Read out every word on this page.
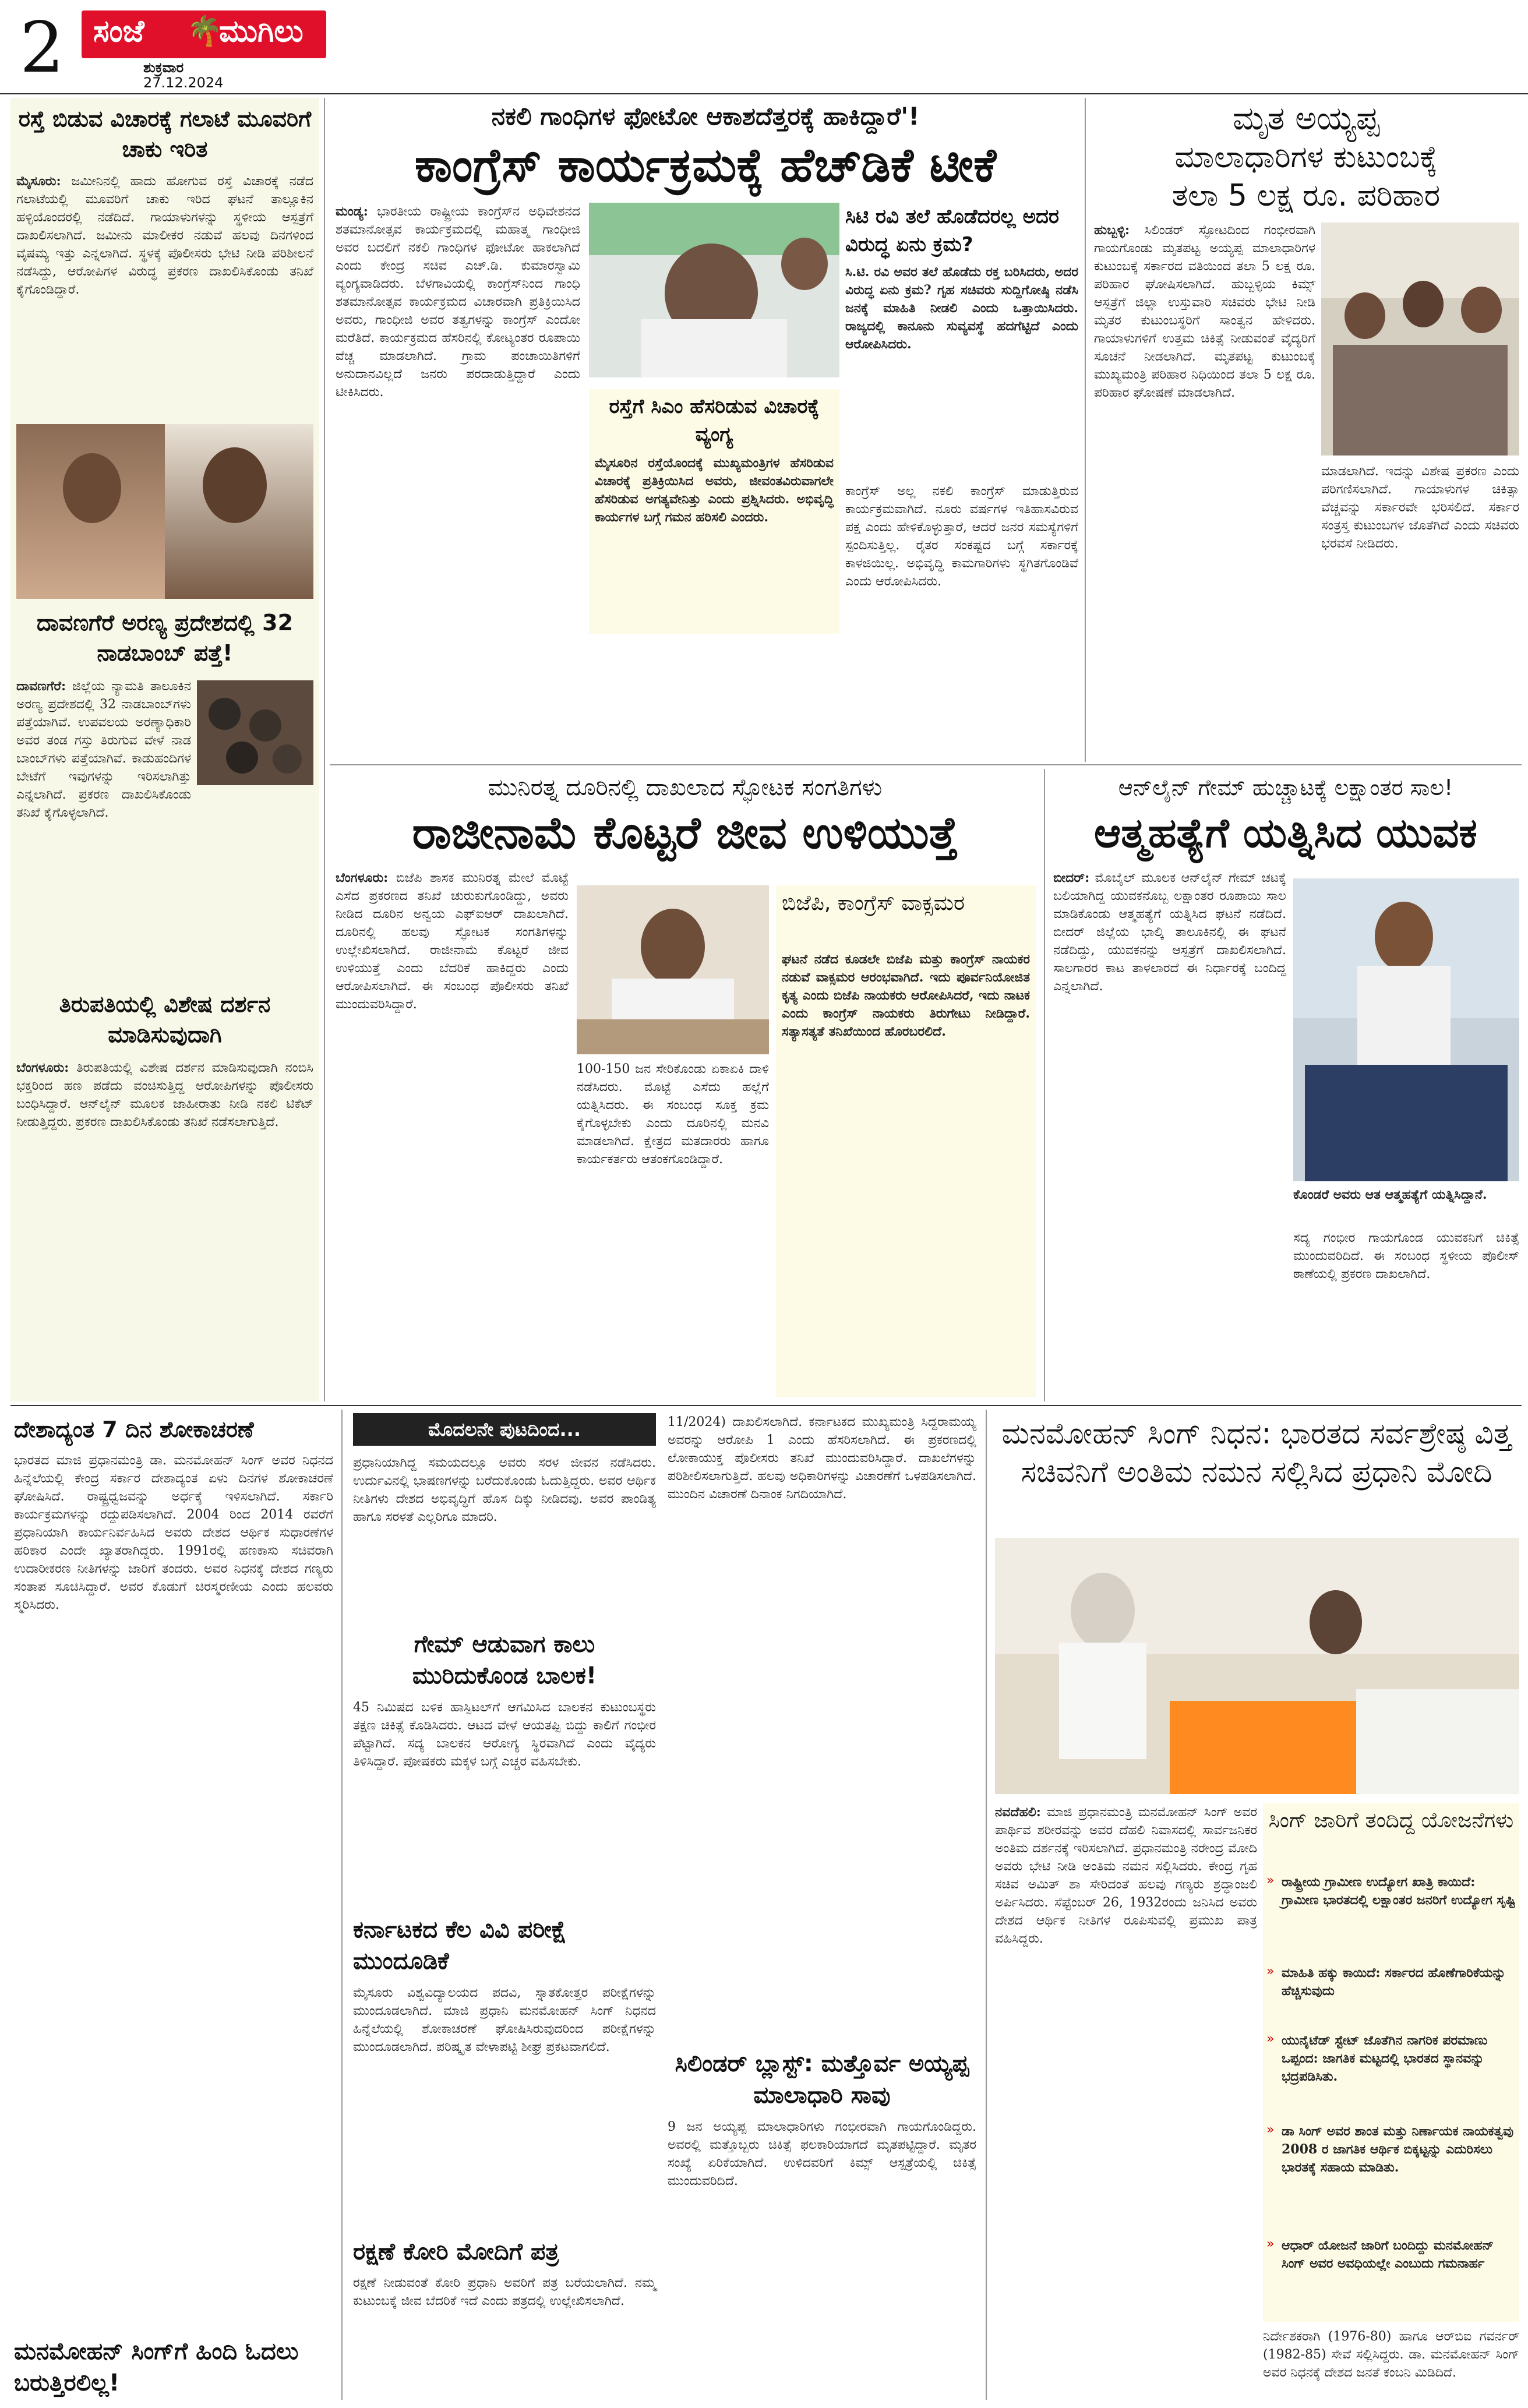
2 ಸಂಜೆ	🌴
ಮುಗಿಲು
ಶುಕ್ರವಾರ
27.12.2024
ರಸ್ತೆ ಬಿಡುವ ವಿಚಾರಕ್ಕೆ ಗಲಾಟೆ ಮೂವರಿಗೆ ಚಾಕು ಇರಿತ
ಮೈಸೂರು: ಜಮೀನಿನಲ್ಲಿ ಹಾದು ಹೋಗುವ ರಸ್ತೆ ವಿಚಾರಕ್ಕೆ ನಡೆದ ಗಲಾಟೆಯಲ್ಲಿ ಮೂವರಿಗೆ ಚಾಕು ಇರಿದ ಘಟನೆ ತಾಲ್ಲೂಕಿನ ಹಳ್ಳಿಯೊಂದರಲ್ಲಿ ನಡೆದಿದೆ. ಗಾಯಾಳುಗಳನ್ನು ಸ್ಥಳೀಯ ಆಸ್ಪತ್ರೆಗೆ ದಾಖಲಿಸಲಾಗಿದೆ. ಜಮೀನು ಮಾಲೀಕರ ನಡುವೆ ಹಲವು ದಿನಗಳಿಂದ ವೈಷಮ್ಯ ಇತ್ತು ಎನ್ನಲಾಗಿದೆ. ಸ್ಥಳಕ್ಕೆ ಪೊಲೀಸರು ಭೇಟಿ ನೀಡಿ ಪರಿಶೀಲನೆ ನಡೆಸಿದ್ದು, ಆರೋಪಿಗಳ ವಿರುದ್ಧ ಪ್ರಕರಣ ದಾಖಲಿಸಿಕೊಂಡು ತನಿಖೆ ಕೈಗೊಂಡಿದ್ದಾರೆ.
ದಾವಣಗೆರೆ ಅರಣ್ಯ ಪ್ರದೇಶದಲ್ಲಿ 32 ನಾಡಬಾಂಬ್ ಪತ್ತೆ!
ದಾವಣಗೆರೆ: ಜಿಲ್ಲೆಯ ನ್ಯಾಮತಿ ತಾಲೂಕಿನ ಅರಣ್ಯ ಪ್ರದೇಶದಲ್ಲಿ 32 ನಾಡಬಾಂಬ್‌ಗಳು ಪತ್ತೆಯಾಗಿವೆ. ಉಪವಲಯ ಅರಣ್ಯಾಧಿಕಾರಿ ಅವರ ತಂಡ ಗಸ್ತು ತಿರುಗುವ ವೇಳೆ ನಾಡ ಬಾಂಬ್‌ಗಳು ಪತ್ತೆಯಾಗಿವೆ. ಕಾಡುಹಂದಿಗಳ ಬೇಟೆಗೆ ಇವುಗಳನ್ನು ಇರಿಸಲಾಗಿತ್ತು ಎನ್ನಲಾಗಿದೆ. ಪ್ರಕರಣ ದಾಖಲಿಸಿಕೊಂಡು ತನಿಖೆ ಕೈಗೊಳ್ಳಲಾಗಿದೆ.
ತಿರುಪತಿಯಲ್ಲಿ ವಿಶೇಷ ದರ್ಶನ ಮಾಡಿಸುವುದಾಗಿ
ಬೆಂಗಳೂರು: ತಿರುಪತಿಯಲ್ಲಿ ವಿಶೇಷ ದರ್ಶನ ಮಾಡಿಸುವುದಾಗಿ ನಂಬಿಸಿ ಭಕ್ತರಿಂದ ಹಣ ಪಡೆದು ವಂಚಿಸುತ್ತಿದ್ದ ಆರೋಪಿಗಳನ್ನು ಪೊಲೀಸರು ಬಂಧಿಸಿದ್ದಾರೆ. ಆನ್‌ಲೈನ್ ಮೂಲಕ ಜಾಹೀರಾತು ನೀಡಿ ನಕಲಿ ಟಿಕೆಟ್‌ ನೀಡುತ್ತಿದ್ದರು. ಪ್ರಕರಣ ದಾಖಲಿಸಿಕೊಂಡು ತನಿಖೆ ನಡೆಸಲಾಗುತ್ತಿದೆ.
ನಕಲಿ ಗಾಂಧಿಗಳ ಫೋಟೋ ಆಕಾಶದೆತ್ತರಕ್ಕೆ ಹಾಕಿದ್ದಾರೆ'!
ಕಾಂಗ್ರೆಸ್ ಕಾರ್ಯಕ್ರಮಕ್ಕೆ ಹೆಚ್‌ಡಿಕೆ ಟೀಕೆ
ಮಂಡ್ಯ: ಭಾರತೀಯ ರಾಷ್ಟ್ರೀಯ ಕಾಂಗ್ರೆಸ್‌ನ ಅಧಿವೇಶನದ ಶತಮಾನೋತ್ಸವ ಕಾರ್ಯಕ್ರಮದಲ್ಲಿ ಮಹಾತ್ಮ ಗಾಂಧೀಜಿ ಅವರ ಬದಲಿಗೆ ನಕಲಿ ಗಾಂಧಿಗಳ ಫೋಟೋ ಹಾಕಲಾಗಿದೆ ಎಂದು ಕೇಂದ್ರ ಸಚಿವ ಎಚ್.ಡಿ. ಕುಮಾರಸ್ವಾಮಿ ವ್ಯಂಗ್ಯವಾಡಿದರು. ಬೆಳಗಾವಿಯಲ್ಲಿ ಕಾಂಗ್ರೆಸ್‌ನಿಂದ ಗಾಂಧಿ ಶತಮಾನೋತ್ಸವ ಕಾರ್ಯಕ್ರಮದ ವಿಚಾರವಾಗಿ ಪ್ರತಿಕ್ರಿಯಿಸಿದ ಅವರು, ಗಾಂಧೀಜಿ ಅವರ ತತ್ವಗಳನ್ನು ಕಾಂಗ್ರೆಸ್ ಎಂದೋ ಮರೆತಿದೆ. ಕಾರ್ಯಕ್ರಮದ ಹೆಸರಿನಲ್ಲಿ ಕೋಟ್ಯಂತರ ರೂಪಾಯಿ ವೆಚ್ಚ ಮಾಡಲಾಗಿದೆ. ಗ್ರಾಮ ಪಂಚಾಯಿತಿಗಳಿಗೆ ಅನುದಾನವಿಲ್ಲದೆ ಜನರು ಪರದಾಡುತ್ತಿದ್ದಾರೆ ಎಂದು ಟೀಕಿಸಿದರು.
ಸಿಟಿ ರವಿ ತಲೆ ಹೊಡೆದರಲ್ಲ ಅದರ ವಿರುದ್ಧ ಏನು ಕ್ರಮ?
ಸಿ.ಟಿ. ರವಿ ಅವರ ತಲೆ ಹೊಡೆದು ರಕ್ತ ಬರಿಸಿದರು, ಅದರ ವಿರುದ್ಧ ಏನು ಕ್ರಮ? ಗೃಹ ಸಚಿವರು ಸುದ್ದಿಗೋಷ್ಠಿ ನಡೆಸಿ ಜನಕ್ಕೆ ಮಾಹಿತಿ ನೀಡಲಿ ಎಂದು ಒತ್ತಾಯಿಸಿದರು. ರಾಜ್ಯದಲ್ಲಿ ಕಾನೂನು ಸುವ್ಯವಸ್ಥೆ ಹದಗೆಟ್ಟಿದೆ ಎಂದು ಆರೋಪಿಸಿದರು.
ರಸ್ತೆಗೆ ಸಿಎಂ ಹೆಸರಿಡುವ ವಿಚಾರಕ್ಕೆ ವ್ಯಂಗ್ಯ
ಮೈಸೂರಿನ ರಸ್ತೆಯೊಂದಕ್ಕೆ ಮುಖ್ಯಮಂತ್ರಿಗಳ ಹೆಸರಿಡುವ ವಿಚಾರಕ್ಕೆ ಪ್ರತಿಕ್ರಿಯಿಸಿದ ಅವರು, ಜೀವಂತವಿರುವಾಗಲೇ ಹೆಸರಿಡುವ ಅಗತ್ಯವೇನಿತ್ತು ಎಂದು ಪ್ರಶ್ನಿಸಿದರು. ಅಭಿವೃದ್ಧಿ ಕಾರ್ಯಗಳ ಬಗ್ಗೆ ಗಮನ ಹರಿಸಲಿ ಎಂದರು.
ಕಾಂಗ್ರೆಸ್ ಅಲ್ಲ ನಕಲಿ ಕಾಂಗ್ರೆಸ್ ಮಾಡುತ್ತಿರುವ ಕಾರ್ಯಕ್ರಮವಾಗಿದೆ. ನೂರು ವರ್ಷಗಳ ಇತಿಹಾಸವಿರುವ ಪಕ್ಷ ಎಂದು ಹೇಳಿಕೊಳ್ಳುತ್ತಾರೆ, ಆದರೆ ಜನರ ಸಮಸ್ಯೆಗಳಿಗೆ ಸ್ಪಂದಿಸುತ್ತಿಲ್ಲ. ರೈತರ ಸಂಕಷ್ಟದ ಬಗ್ಗೆ ಸರ್ಕಾರಕ್ಕೆ ಕಾಳಜಿಯಿಲ್ಲ. ಅಭಿವೃದ್ಧಿ ಕಾಮಗಾರಿಗಳು ಸ್ಥಗಿತಗೊಂಡಿವೆ ಎಂದು ಆರೋಪಿಸಿದರು.
ಮೃತ ಅಯ್ಯಪ್ಪ
ಮಾಲಾಧಾರಿಗಳ ಕುಟುಂಬಕ್ಕೆ
ತಲಾ 5 ಲಕ್ಷ ರೂ. ಪರಿಹಾರ
ಹುಬ್ಬಳ್ಳಿ: ಸಿಲಿಂಡರ್ ಸ್ಫೋಟದಿಂದ ಗಂಭೀರವಾಗಿ ಗಾಯಗೊಂಡು ಮೃತಪಟ್ಟ ಅಯ್ಯಪ್ಪ ಮಾಲಾಧಾರಿಗಳ ಕುಟುಂಬಕ್ಕೆ ಸರ್ಕಾರದ ವತಿಯಿಂದ ತಲಾ 5 ಲಕ್ಷ ರೂ. ಪರಿಹಾರ ಘೋಷಿಸಲಾಗಿದೆ. ಹುಬ್ಬಳ್ಳಿಯ ಕಿಮ್ಸ್ ಆಸ್ಪತ್ರೆಗೆ ಜಿಲ್ಲಾ ಉಸ್ತುವಾರಿ ಸಚಿವರು ಭೇಟಿ ನೀಡಿ ಮೃತರ ಕುಟುಂಬಸ್ಥರಿಗೆ ಸಾಂತ್ವನ ಹೇಳಿದರು. ಗಾಯಾಳುಗಳಿಗೆ ಉತ್ತಮ ಚಿಕಿತ್ಸೆ ನೀಡುವಂತೆ ವೈದ್ಯರಿಗೆ ಸೂಚನೆ ನೀಡಲಾಗಿದೆ. ಮೃತಪಟ್ಟ ಕುಟುಂಬಕ್ಕೆ ಮುಖ್ಯಮಂತ್ರಿ ಪರಿಹಾರ ನಿಧಿಯಿಂದ ತಲಾ 5 ಲಕ್ಷ ರೂ. ಪರಿಹಾರ ಘೋಷಣೆ ಮಾಡಲಾಗಿದೆ.
ಮಾಡಲಾಗಿದೆ. ಇದನ್ನು ವಿಶೇಷ ಪ್ರಕರಣ ಎಂದು ಪರಿಗಣಿಸಲಾಗಿದೆ. ಗಾಯಾಳುಗಳ ಚಿಕಿತ್ಸಾ ವೆಚ್ಚವನ್ನು ಸರ್ಕಾರವೇ ಭರಿಸಲಿದೆ. ಸರ್ಕಾರ ಸಂತ್ರಸ್ತ ಕುಟುಂಬಗಳ ಜೊತೆಗಿದೆ ಎಂದು ಸಚಿವರು ಭರವಸೆ ನೀಡಿದರು.
ಮುನಿರತ್ನ ದೂರಿನಲ್ಲಿ ದಾಖಲಾದ ಸ್ಫೋಟಕ ಸಂಗತಿಗಳು
ರಾಜೀನಾಮೆ ಕೊಟ್ಟರೆ ಜೀವ ಉಳಿಯುತ್ತೆ
ಬೆಂಗಳೂರು: ಬಿಜೆಪಿ ಶಾಸಕ ಮುನಿರತ್ನ ಮೇಲೆ ಮೊಟ್ಟೆ ಎಸೆದ ಪ್ರಕರಣದ ತನಿಖೆ ಚುರುಕುಗೊಂಡಿದ್ದು, ಅವರು ನೀಡಿದ ದೂರಿನ ಅನ್ವಯ ಎಫ್‌ಐಆರ್ ದಾಖಲಾಗಿದೆ. ದೂರಿನಲ್ಲಿ ಹಲವು ಸ್ಫೋಟಕ ಸಂಗತಿಗಳನ್ನು ಉಲ್ಲೇಖಿಸಲಾಗಿದೆ. ರಾಜೀನಾಮೆ ಕೊಟ್ಟರೆ ಜೀವ ಉಳಿಯುತ್ತೆ ಎಂದು ಬೆದರಿಕೆ ಹಾಕಿದ್ದರು ಎಂದು ಆರೋಪಿಸಲಾಗಿದೆ. ಈ ಸಂಬಂಧ ಪೊಲೀಸರು ತನಿಖೆ ಮುಂದುವರಿಸಿದ್ದಾರೆ.
100-150 ಜನ ಸೇರಿಕೊಂಡು ಏಕಾಏಕಿ ದಾಳಿ ನಡೆಸಿದರು. ಮೊಟ್ಟೆ ಎಸೆದು ಹಲ್ಲೆಗೆ ಯತ್ನಿಸಿದರು. ಈ ಸಂಬಂಧ ಸೂಕ್ತ ಕ್ರಮ ಕೈಗೊಳ್ಳಬೇಕು ಎಂದು ದೂರಿನಲ್ಲಿ ಮನವಿ ಮಾಡಲಾಗಿದೆ. ಕ್ಷೇತ್ರದ ಮತದಾರರು ಹಾಗೂ ಕಾರ್ಯಕರ್ತರು ಆತಂಕಗೊಂಡಿದ್ದಾರೆ.
ಬಿಜೆಪಿ, ಕಾಂಗ್ರೆಸ್ ವಾಕ್ಸಮರ
ಘಟನೆ ನಡೆದ ಕೂಡಲೇ ಬಿಜೆಪಿ ಮತ್ತು ಕಾಂಗ್ರೆಸ್ ನಾಯಕರ ನಡುವೆ ವಾಕ್ಸಮರ ಆರಂಭವಾಗಿದೆ. ಇದು ಪೂರ್ವನಿಯೋಜಿತ ಕೃತ್ಯ ಎಂದು ಬಿಜೆಪಿ ನಾಯಕರು ಆರೋಪಿಸಿದರೆ, ಇದು ನಾಟಕ ಎಂದು ಕಾಂಗ್ರೆಸ್ ನಾಯಕರು ತಿರುಗೇಟು ನೀಡಿದ್ದಾರೆ. ಸತ್ಯಾಸತ್ಯತೆ ತನಿಖೆಯಿಂದ ಹೊರಬರಲಿದೆ.
ಆನ್‌ಲೈನ್ ಗೇಮ್ ಹುಚ್ಚಾಟಕ್ಕೆ ಲಕ್ಷಾಂತರ ಸಾಲ!
ಆತ್ಮಹತ್ಯೆಗೆ ಯತ್ನಿಸಿದ ಯುವಕ
ಬೀದರ್: ಮೊಬೈಲ್ ಮೂಲಕ ಆನ್‌ಲೈನ್ ಗೇಮ್ ಚಟಕ್ಕೆ ಬಲಿಯಾಗಿದ್ದ ಯುವಕನೊಬ್ಬ ಲಕ್ಷಾಂತರ ರೂಪಾಯಿ ಸಾಲ ಮಾಡಿಕೊಂಡು ಆತ್ಮಹತ್ಯೆಗೆ ಯತ್ನಿಸಿದ ಘಟನೆ ನಡೆದಿದೆ. ಬೀದರ್ ಜಿಲ್ಲೆಯ ಭಾಲ್ಕಿ ತಾಲೂಕಿನಲ್ಲಿ ಈ ಘಟನೆ ನಡೆದಿದ್ದು, ಯುವಕನನ್ನು ಆಸ್ಪತ್ರೆಗೆ ದಾಖಲಿಸಲಾಗಿದೆ. ಸಾಲಗಾರರ ಕಾಟ ತಾಳಲಾರದೆ ಈ ನಿರ್ಧಾರಕ್ಕೆ ಬಂದಿದ್ದ ಎನ್ನಲಾಗಿದೆ.
ಕೊಂಡರೆ ಅವರು ಆತ ಆತ್ಮಹತ್ಯೆಗೆ ಯತ್ನಿಸಿದ್ದಾನೆ.
ಸದ್ಯ ಗಂಭೀರ ಗಾಯಗೊಂಡ ಯುವಕನಿಗೆ ಚಿಕಿತ್ಸೆ ಮುಂದುವರಿದಿದೆ. ಈ ಸಂಬಂಧ ಸ್ಥಳೀಯ ಪೊಲೀಸ್ ಠಾಣೆಯಲ್ಲಿ ಪ್ರಕರಣ ದಾಖಲಾಗಿದೆ.
ದೇಶಾದ್ಯಂತ 7 ದಿನ ಶೋಕಾಚರಣೆ
ಭಾರತದ ಮಾಜಿ ಪ್ರಧಾನಮಂತ್ರಿ ಡಾ. ಮನಮೋಹನ್ ಸಿಂಗ್ ಅವರ ನಿಧನದ ಹಿನ್ನೆಲೆಯಲ್ಲಿ ಕೇಂದ್ರ ಸರ್ಕಾರ ದೇಶಾದ್ಯಂತ ಏಳು ದಿನಗಳ ಶೋಕಾಚರಣೆ ಘೋಷಿಸಿದೆ. ರಾಷ್ಟ್ರಧ್ವಜವನ್ನು ಅರ್ಧಕ್ಕೆ ಇಳಿಸಲಾಗಿದೆ. ಸರ್ಕಾರಿ ಕಾರ್ಯಕ್ರಮಗಳನ್ನು ರದ್ದುಪಡಿಸಲಾಗಿದೆ. 2004 ರಿಂದ 2014 ರವರೆಗೆ ಪ್ರಧಾನಿಯಾಗಿ ಕಾರ್ಯನಿರ್ವಹಿಸಿದ ಅವರು ದೇಶದ ಆರ್ಥಿಕ ಸುಧಾರಣೆಗಳ ಹರಿಕಾರ ಎಂದೇ ಖ್ಯಾತರಾಗಿದ್ದರು. 1991ರಲ್ಲಿ ಹಣಕಾಸು ಸಚಿವರಾಗಿ ಉದಾರೀಕರಣ ನೀತಿಗಳನ್ನು ಜಾರಿಗೆ ತಂದರು. ಅವರ ನಿಧನಕ್ಕೆ ದೇಶದ ಗಣ್ಯರು ಸಂತಾಪ ಸೂಚಿಸಿದ್ದಾರೆ. ಅವರ ಕೊಡುಗೆ ಚಿರಸ್ಮರಣೀಯ ಎಂದು ಹಲವರು ಸ್ಮರಿಸಿದರು.
ಮನಮೋಹನ್ ಸಿಂಗ್‌ಗೆ ಹಿಂದಿ ಓದಲು ಬರುತ್ತಿರಲಿಲ್ಲ!
ಮೊದಲನೇ ಪುಟದಿಂದ...
ಪ್ರಧಾನಿಯಾಗಿದ್ದ ಸಮಯದಲ್ಲೂ ಅವರು ಸರಳ ಜೀವನ ನಡೆಸಿದರು. ಉರ್ದುವಿನಲ್ಲಿ ಭಾಷಣಗಳನ್ನು ಬರೆದುಕೊಂಡು ಓದುತ್ತಿದ್ದರು. ಅವರ ಆರ್ಥಿಕ ನೀತಿಗಳು ದೇಶದ ಅಭಿವೃದ್ಧಿಗೆ ಹೊಸ ದಿಕ್ಕು ನೀಡಿದವು. ಅವರ ಪಾಂಡಿತ್ಯ ಹಾಗೂ ಸರಳತೆ ಎಲ್ಲರಿಗೂ ಮಾದರಿ.
ಗೇಮ್ ಆಡುವಾಗ ಕಾಲು ಮುರಿದುಕೊಂಡ ಬಾಲಕ!
45 ನಿಮಿಷದ ಬಳಿಕ ಹಾಸ್ಪಿಟಲ್‌ಗೆ ಆಗಮಿಸಿದ ಬಾಲಕನ ಕುಟುಂಬಸ್ಥರು ತಕ್ಷಣ ಚಿಕಿತ್ಸೆ ಕೊಡಿಸಿದರು. ಆಟದ ವೇಳೆ ಆಯತಪ್ಪಿ ಬಿದ್ದು ಕಾಲಿಗೆ ಗಂಭೀರ ಪೆಟ್ಟಾಗಿದೆ. ಸದ್ಯ ಬಾಲಕನ ಆರೋಗ್ಯ ಸ್ಥಿರವಾಗಿದೆ ಎಂದು ವೈದ್ಯರು ತಿಳಿಸಿದ್ದಾರೆ. ಪೋಷಕರು ಮಕ್ಕಳ ಬಗ್ಗೆ ಎಚ್ಚರ ವಹಿಸಬೇಕು.
ಕರ್ನಾಟಕದ ಕೆಲ ವಿವಿ ಪರೀಕ್ಷೆ ಮುಂದೂಡಿಕೆ
ಮೈಸೂರು ವಿಶ್ವವಿದ್ಯಾಲಯದ ಪದವಿ, ಸ್ನಾತಕೋತ್ತರ ಪರೀಕ್ಷೆಗಳನ್ನು ಮುಂದೂಡಲಾಗಿದೆ. ಮಾಜಿ ಪ್ರಧಾನಿ ಮನಮೋಹನ್ ಸಿಂಗ್ ನಿಧನದ ಹಿನ್ನೆಲೆಯಲ್ಲಿ ಶೋಕಾಚರಣೆ ಘೋಷಿಸಿರುವುದರಿಂದ ಪರೀಕ್ಷೆಗಳನ್ನು ಮುಂದೂಡಲಾಗಿದೆ. ಪರಿಷ್ಕೃತ ವೇಳಾಪಟ್ಟಿ ಶೀಘ್ರ ಪ್ರಕಟವಾಗಲಿದೆ.
ರಕ್ಷಣೆ ಕೋರಿ ಮೋದಿಗೆ ಪತ್ರ
ರಕ್ಷಣೆ ನೀಡುವಂತೆ ಕೋರಿ ಪ್ರಧಾನಿ ಅವರಿಗೆ ಪತ್ರ ಬರೆಯಲಾಗಿದೆ. ನಮ್ಮ ಕುಟುಂಬಕ್ಕೆ ಜೀವ ಬೆದರಿಕೆ ಇದೆ ಎಂದು ಪತ್ರದಲ್ಲಿ ಉಲ್ಲೇಖಿಸಲಾಗಿದೆ.
11/2024) ದಾಖಲಿಸಲಾಗಿದೆ. ಕರ್ನಾಟಕದ ಮುಖ್ಯಮಂತ್ರಿ ಸಿದ್ದರಾಮಯ್ಯ ಅವರನ್ನು ಆರೋಪಿ 1 ಎಂದು ಹೆಸರಿಸಲಾಗಿದೆ. ಈ ಪ್ರಕರಣದಲ್ಲಿ ಲೋಕಾಯುಕ್ತ ಪೊಲೀಸರು ತನಿಖೆ ಮುಂದುವರಿಸಿದ್ದಾರೆ. ದಾಖಲೆಗಳನ್ನು ಪರಿಶೀಲಿಸಲಾಗುತ್ತಿದೆ. ಹಲವು ಅಧಿಕಾರಿಗಳನ್ನು ವಿಚಾರಣೆಗೆ ಒಳಪಡಿಸಲಾಗಿದೆ. ಮುಂದಿನ ವಿಚಾರಣೆ ದಿನಾಂಕ ನಿಗದಿಯಾಗಿದೆ.
ಸಿಲಿಂಡರ್ ಬ್ಲಾಸ್ಟ್: ಮತ್ತೊರ್ವ ಅಯ್ಯಪ್ಪ ಮಾಲಾಧಾರಿ ಸಾವು
9 ಜನ ಅಯ್ಯಪ್ಪ ಮಾಲಾಧಾರಿಗಳು ಗಂಭೀರವಾಗಿ ಗಾಯಗೊಂಡಿದ್ದರು. ಅವರಲ್ಲಿ ಮತ್ತೊಬ್ಬರು ಚಿಕಿತ್ಸೆ ಫಲಕಾರಿಯಾಗದೆ ಮೃತಪಟ್ಟಿದ್ದಾರೆ. ಮೃತರ ಸಂಖ್ಯೆ ಏರಿಕೆಯಾಗಿದೆ. ಉಳಿದವರಿಗೆ ಕಿಮ್ಸ್ ಆಸ್ಪತ್ರೆಯಲ್ಲಿ ಚಿಕಿತ್ಸೆ ಮುಂದುವರಿದಿದೆ.
ಮನಮೋಹನ್ ಸಿಂಗ್ ನಿಧನ: ಭಾರತದ ಸರ್ವಶ್ರೇಷ್ಠ ವಿತ್ತ ಸಚಿವನಿಗೆ ಅಂತಿಮ ನಮನ ಸಲ್ಲಿಸಿದ ಪ್ರಧಾನಿ ಮೋದಿ
ನವದೆಹಲಿ: ಮಾಜಿ ಪ್ರಧಾನಮಂತ್ರಿ ಮನಮೋಹನ್ ಸಿಂಗ್ ಅವರ ಪಾರ್ಥಿವ ಶರೀರವನ್ನು ಅವರ ದೆಹಲಿ ನಿವಾಸದಲ್ಲಿ ಸಾರ್ವಜನಿಕರ ಅಂತಿಮ ದರ್ಶನಕ್ಕೆ ಇರಿಸಲಾಗಿದೆ. ಪ್ರಧಾನಮಂತ್ರಿ ನರೇಂದ್ರ ಮೋದಿ ಅವರು ಭೇಟಿ ನೀಡಿ ಅಂತಿಮ ನಮನ ಸಲ್ಲಿಸಿದರು. ಕೇಂದ್ರ ಗೃಹ ಸಚಿವ ಅಮಿತ್ ಶಾ ಸೇರಿದಂತೆ ಹಲವು ಗಣ್ಯರು ಶ್ರದ್ಧಾಂಜಲಿ ಅರ್ಪಿಸಿದರು. ಸೆಪ್ಟೆಂಬರ್ 26, 1932ರಂದು ಜನಿಸಿದ ಅವರು ದೇಶದ ಆರ್ಥಿಕ ನೀತಿಗಳ ರೂಪಿಸುವಲ್ಲಿ ಪ್ರಮುಖ ಪಾತ್ರ ವಹಿಸಿದ್ದರು.
ಸಿಂಗ್ ಜಾರಿಗೆ ತಂದಿದ್ದ ಯೋಜನೆಗಳು
» ರಾಷ್ಟ್ರೀಯ ಗ್ರಾಮೀಣ ಉದ್ಯೋಗ ಖಾತ್ರಿ ಕಾಯಿದೆ: ಗ್ರಾಮೀಣ ಭಾರತದಲ್ಲಿ ಲಕ್ಷಾಂತರ ಜನರಿಗೆ ಉದ್ಯೋಗ ಸೃಷ್ಟಿ
» ಮಾಹಿತಿ ಹಕ್ಕು ಕಾಯಿದೆ: ಸರ್ಕಾರದ ಹೊಣೆಗಾರಿಕೆಯನ್ನು ಹೆಚ್ಚಿಸುವುದು
» ಯುನೈಟೆಡ್ ಸ್ಟೇಟ್ ಜೊತೆಗಿನ ನಾಗರಿಕ ಪರಮಾಣು ಒಪ್ಪಂದ: ಜಾಗತಿಕ ಮಟ್ಟದಲ್ಲಿ ಭಾರತದ ಸ್ಥಾನವನ್ನು ಭದ್ರಪಡಿಸಿತು.
» ಡಾ ಸಿಂಗ್ ಅವರ ಶಾಂತ ಮತ್ತು ನಿರ್ಣಾಯಕ ನಾಯಕತ್ವವು 2008 ರ ಜಾಗತಿಕ ಆರ್ಥಿಕ ಬಿಕ್ಕಟ್ಟನ್ನು ಎದುರಿಸಲು ಭಾರತಕ್ಕೆ ಸಹಾಯ ಮಾಡಿತು.
» ಆಧಾರ್ ಯೋಜನೆ ಜಾರಿಗೆ ಬಂದಿದ್ದು ಮನಮೋಹನ್ ಸಿಂಗ್ ಅವರ ಅವಧಿಯಲ್ಲೇ ಎಂಬುದು ಗಮನಾರ್ಹ
ನಿರ್ದೇಶಕರಾಗಿ (1976-80) ಹಾಗೂ ಆರ್‌ಬಿಐ ಗವರ್ನರ್ (1982-85) ಸೇವೆ ಸಲ್ಲಿಸಿದ್ದರು. ಡಾ. ಮನಮೋಹನ್ ಸಿಂಗ್ ಅವರ ನಿಧನಕ್ಕೆ ದೇಶದ ಜನತೆ ಕಂಬನಿ ಮಿಡಿದಿದೆ.
